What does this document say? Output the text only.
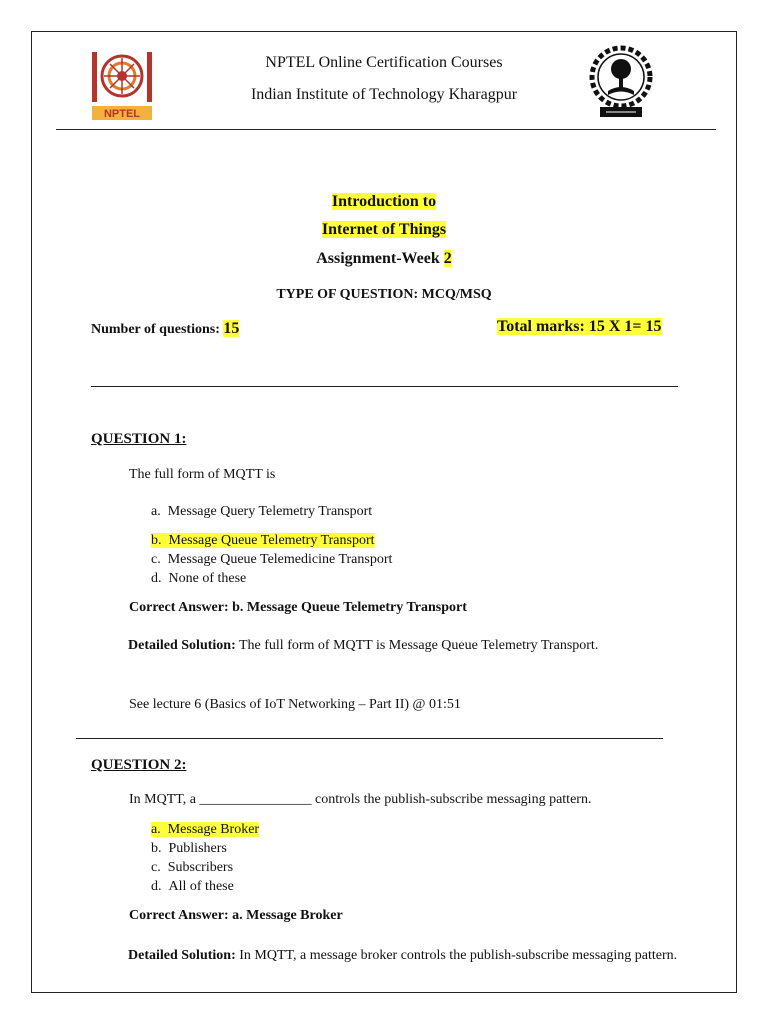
NPTEL
NPTEL Online Certification Courses
Indian Institute of Technology Kharagpur
Introduction to
Internet of Things
Assignment-Week 2
TYPE OF QUESTION: MCQ/MSQ
Number of questions: 15	Total marks: 15 X 1= 15
QUESTION 1:
The full form of MQTT is
a. Message Query Telemetry Transport
b. Message Queue Telemetry Transport
c. Message Queue Telemedicine Transport
d. None of these
Correct Answer: b. Message Queue Telemetry Transport
Detailed Solution: The full form of MQTT is Message Queue Telemetry Transport.
See lecture 6 (Basics of IoT Networking – Part II) @ 01:51
QUESTION 2:
In MQTT, a ________________ controls the publish-subscribe messaging pattern.
a. Message Broker
b. Publishers
c. Subscribers
d. All of these
Correct Answer: a. Message Broker
Detailed Solution: In MQTT, a message broker controls the publish-subscribe messaging pattern.
